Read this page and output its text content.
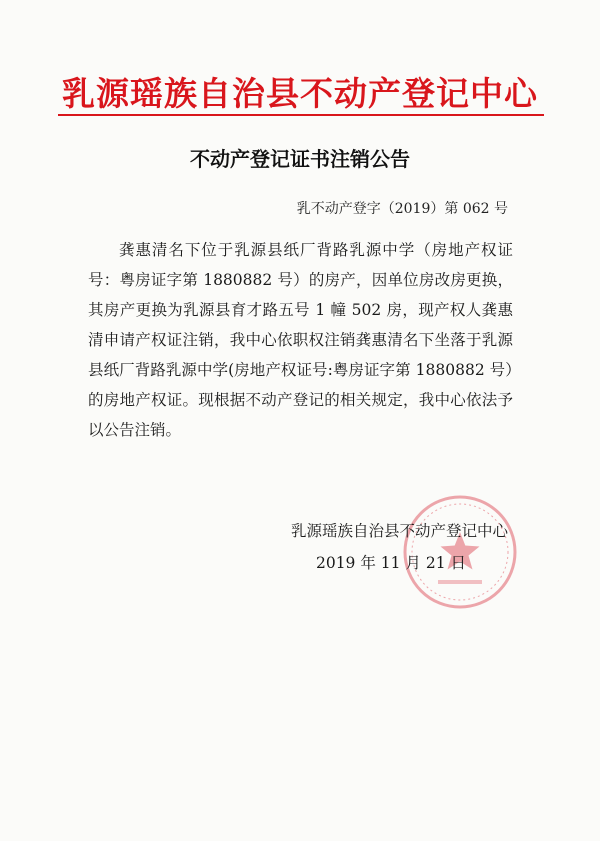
乳源瑶族自治县不动产登记中心
不动产登记证书注销公告
乳不动产登字（2019）第 062 号
龚惠清名下位于乳源县纸厂背路乳源中学（房地产权证号：粤房证字第 1880882 号）的房产，因单位房改房更换，其房产更换为乳源县育才路五号 1 幢 502 房，现产权人龚惠清申请产权证注销，我中心依职权注销龚惠清名下坐落于乳源县纸厂背路乳源中学(房地产权证号:粤房证字第 1880882 号）的房地产权证。现根据不动产登记的相关规定，我中心依法予以公告注销。
乳源瑶族自治县不动产登记中心
2019 年 11 月 21 日
